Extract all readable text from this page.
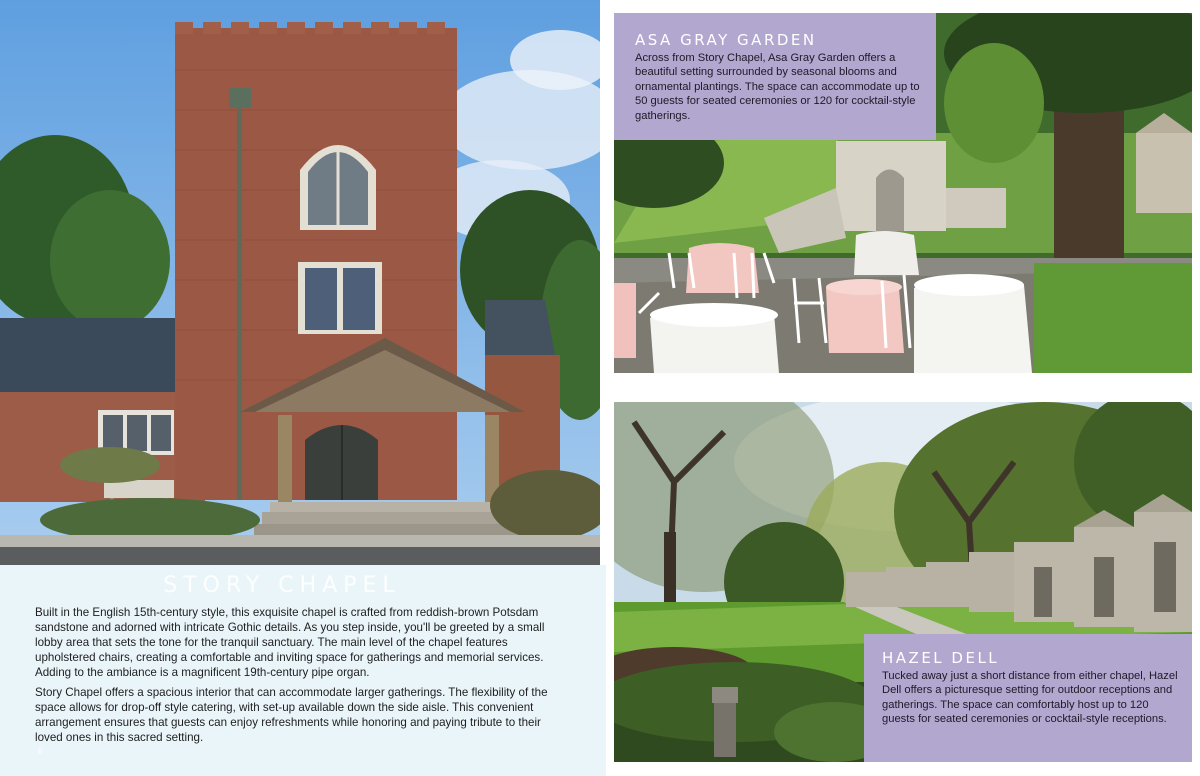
STORY CHAPEL

Built in the English 15th-century style, this exquisite chapel is crafted from reddish-brown Potsdam sandstone and adorned with intricate Gothic details. As you step inside, you'll be greeted by a small lobby area that sets the tone for the tranquil sanctuary. The main level of the chapel features upholstered chairs, creating a comfortable and inviting space for gatherings and memorial services. Adding to the ambiance is a magnificent 19th-century pipe organ.

Story Chapel offers a spacious interior that can accommodate larger gatherings. The flexibility of the space allows for drop-off style catering, with set-up available down the side aisle. This convenient arrangement ensures that guests can enjoy refreshments while honoring and paying tribute to their loved ones in this sacred setting.

6
ASA GRAY GARDEN

Across from Story Chapel, Asa Gray Garden offers a beautiful setting surrounded by seasonal blooms and ornamental plantings. The space can accommodate up to 50 guests for seated ceremonies or 120 for cocktail-style gatherings.

HAZEL DELL

Tucked away just a short distance from either chapel, Hazel Dell offers a picturesque setting for outdoor receptions and gatherings. The space can comfortably host up to 120 guests for seated ceremonies or cocktail-style receptions.
